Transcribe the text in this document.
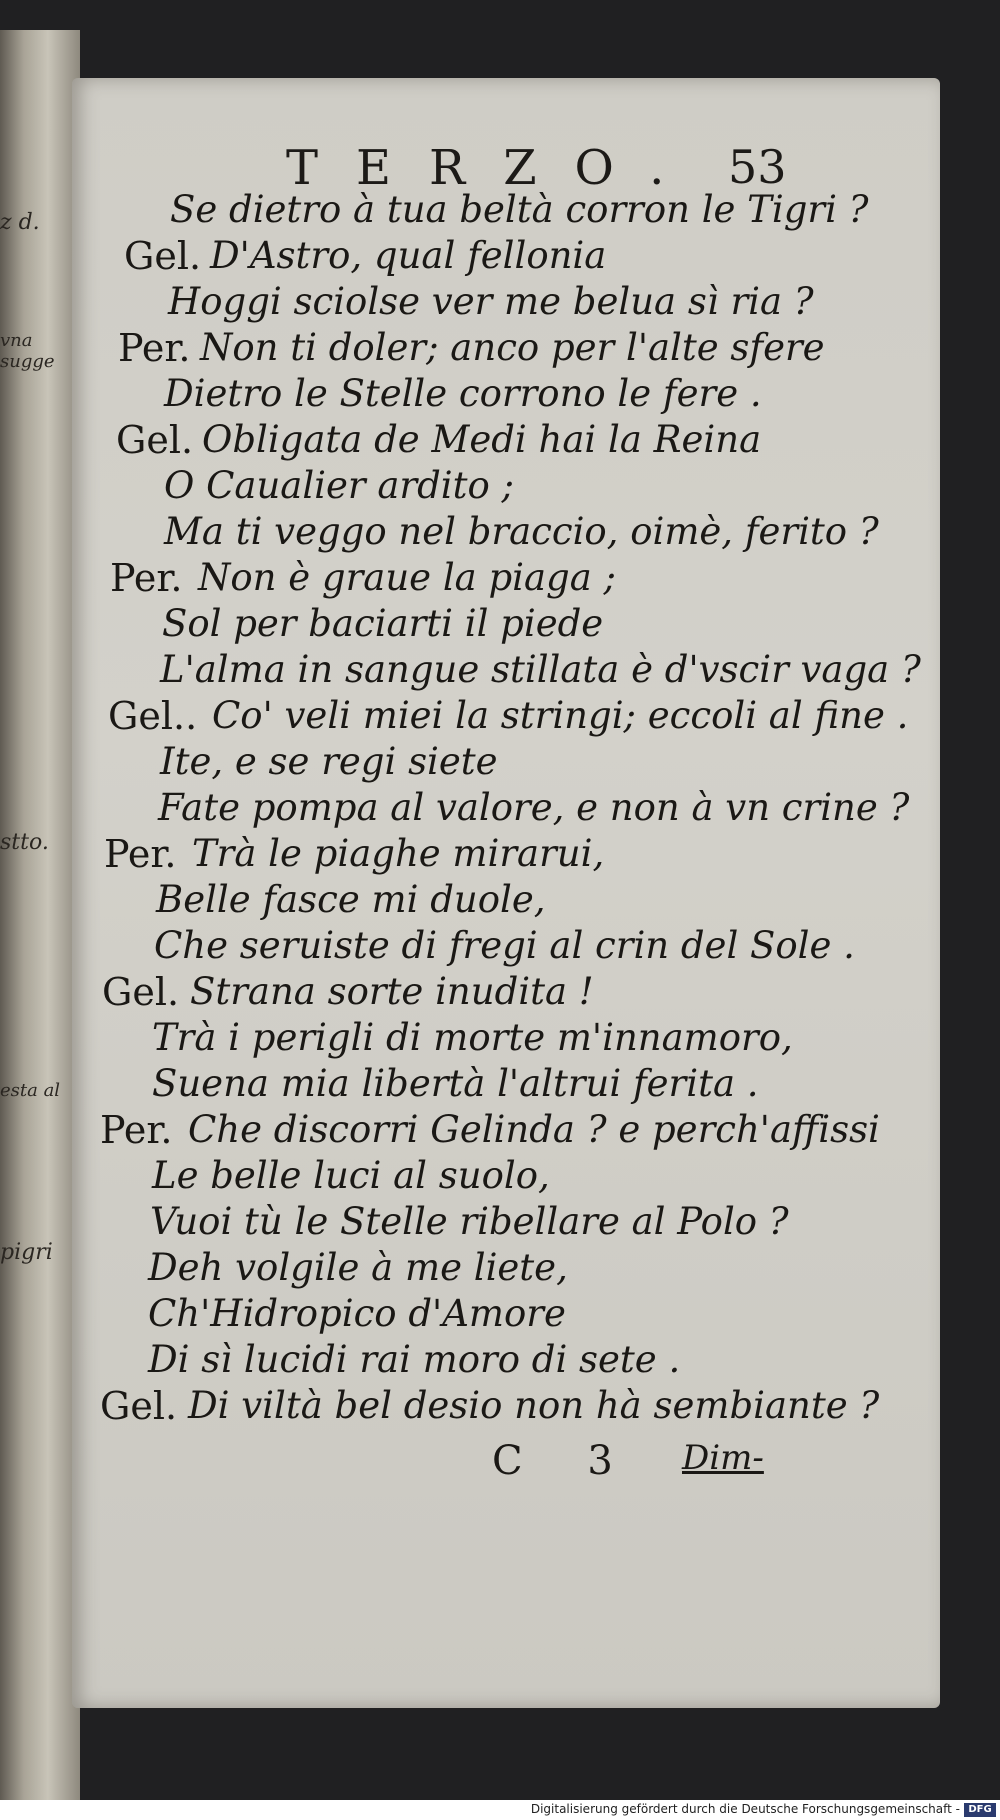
z d.
vna sugge
stto.
esta al
pigri
TERZO. 53
Se dietro à tua beltà corron le Tigri ?
Gel. D'Astro, qual fellonia
Hoggi sciolse ver me belua sì ria ?
Per. Non ti doler; anco per l'alte sfere
Dietro le Stelle corrono le fere .
Gel. Obligata de Medi hai la Reina
O Caualier ardito ;
Ma ti veggo nel braccio, oimè, ferito ?
Per. Non è graue la piaga ;
Sol per baciarti il piede
L'alma in sangue stillata è d'vscir vaga ?
Gel.. Co' veli miei la stringi; eccoli al fine .
Ite, e se regi siete
Fate pompa al valore, e non à vn crine ?
Per. Trà le piaghe mirarui,
Belle fasce mi duole,
Che seruiste di fregi al crin del Sole .
Gel. Strana sorte inudita !
Trà i perigli di morte m'innamoro,
Suena mia libertà l'altrui ferita .
Per. Che discorri Gelinda ? e perch'affissi
Le belle luci al suolo,
Vuoi tù le Stelle ribellare al Polo ?
Deh volgile à me liete,
Ch'Hidropico d'Amore
Di sì lucidi rai moro di sete .
Gel. Di viltà bel desio non hà sembiante ?
C 3 Dim-
Digitalisierung gefördert durch die Deutsche Forschungsgemeinschaft - DFG
